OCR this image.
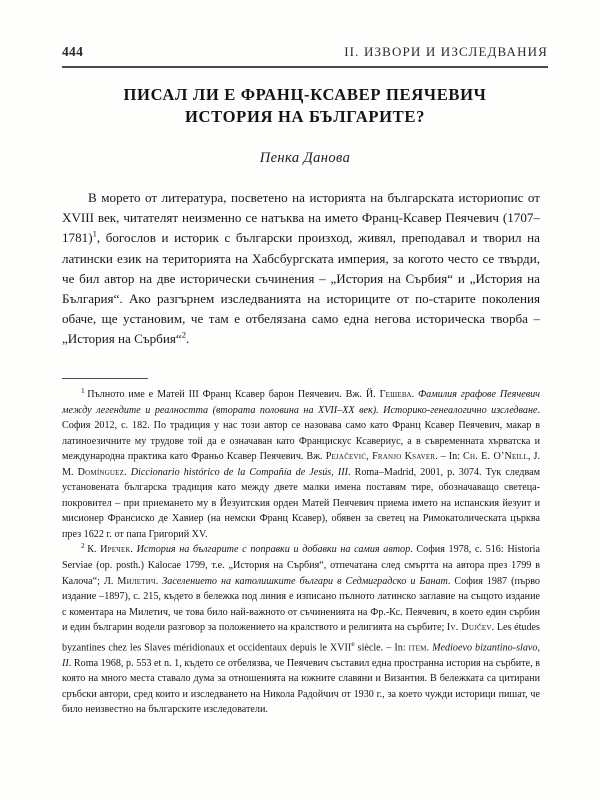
444	II. ИЗВОРИ И ИЗСЛЕДВАНИЯ
ПИСАЛ ЛИ Е ФРАНЦ-КСАВЕР ПЕЯЧЕВИЧ
ИСТОРИЯ НА БЪЛГАРИТЕ?
Пенка Данова

В морето от литература, посветено на историята на българската историопис от XVIII век, читателят неизменно се натъква на името Франц-Ксавер Пеячевич (1707–1781)$^1$, богослов и историк с български произход, живял, преподавал и творил на латински език на територията на Хабсбургската империя, за когото често се твърди, че бил автор на две исторически съчинения – „История на Сърбия“ и „История на България“. Ако разгърнем изследванията на историците от по-старите поколения обаче, ще установим, че там е отбелязана само една негова историческа творба – „История на Сърбия“$^2$.

$^1$ Пълното име е Матей III Франц Ксавер барон Пеячевич. Вж. Й. Гешева. Фамилия графове Пеячевич между легендите и реалността (втората половина на XVII–XX век). Историко-генеалогично изследване. София 2012, с. 182. По традиция у нас този автор се назовава само като Франц Ксавер Пеячевич, макар в латиноезичните му трудове той да е означаван като Францискус Ксавериус, а в съвременната хърватска и международна практика като Франьо Ксавер Пеячевич. Вж. Pejačević, Franjo Ksaver. – In: Ch. E. O’Neill, J. M. Domínguez. Diccionario histórico de la Compañía de Jesús, III. Roma–Madrid, 2001, p. 3074. Тук следвам установената българска традиция като между двете малки имена поставям тире, обозначаващо светеца-покровител – при приемането му в Йезуитския орден Матей Пеячевич приема името на испанския йезуит и мисионер Франсиско де Хавиер (на немски Франц Ксавер), обявен за светец на Римокатолическата църква през 1622 г. от папа Григорий XV.

$^2$ К. Иречек. История на българите с поправки и добавки на самия автор. София 1978, с. 516: Historia Serviae (op. posth.) Kalocae 1799, т.е. „История на Сърбия“, отпечатана след смъртта на автора през 1799 в Калоча“; Л. Милетич. Заселението на католишките българи в Седмиградско и Банат. София 1987 (първо издание –1897), с. 215, където в бележка под линия е изписано пълното латинско заглавие на същото издание с коментара на Милетич, че това било най-важното от съчиненията на Фр.-Кс. Пеячевич, в което един сърбин и един българин водели разговор за положението на кралството и религията на сърбите; Iv. Dujčev. Les études byzantines chez les Slaves méridionaux et occidentaux depuis le XVIIe siècle. – In: item. Medioevo bizantino-slavo, II. Roma 1968, p. 553 et n. 1, където се отбелязва, че Пеячевич съставил една пространна история на сърбите, в която на много места ставало дума за отношенията на южните славяни и Византия. В бележката са цитирани сръбски автори, сред които и изследването на Никола Радойчич от 1930 г., за което чужди историци пишат, че било неизвестно на българските изследователи.
